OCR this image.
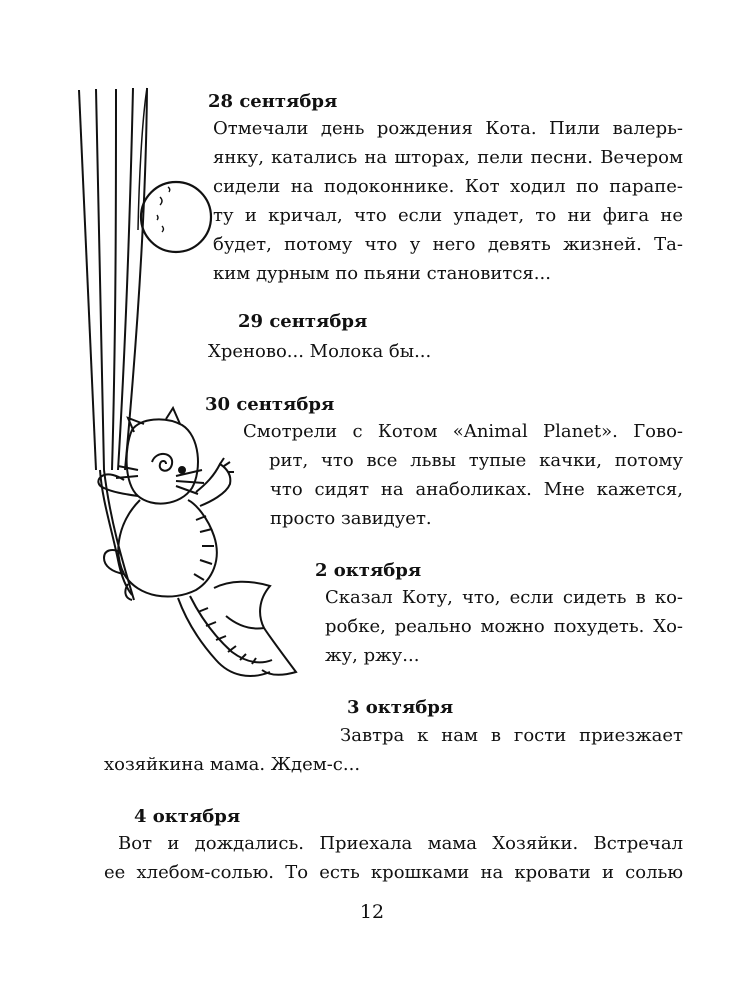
28 сентября

Отмечали день рождения Кота. Пили валерь-

янку, катались на шторах, пели песни. Вечером

сидели на подоконнике. Кот ходил по парапе-

ту и кричал, что если упадет, то ни фига не

будет, потому что у него девять жизней. Та-

ким дурным по пьяни становится...

29 сентября

Хреново... Молока бы...

30 сентября

Смотрели с Котом «Animal Planet». Гово-

рит, что все львы тупые качки, потому

что сидят на анаболиках. Мне кажется,

просто завидует.

2 октября

Сказал Коту, что, если сидеть в ко-

робке, реально можно похудеть. Хо-

жу, ржу...

3 октября

Завтра к нам в гости приезжает

хозяйкина мама. Ждем-с...

4 октября

Вот и дождались. Приехала мама Хозяйки. Встречал

ее хлебом-солью. То есть крошками на кровати и солью

12
